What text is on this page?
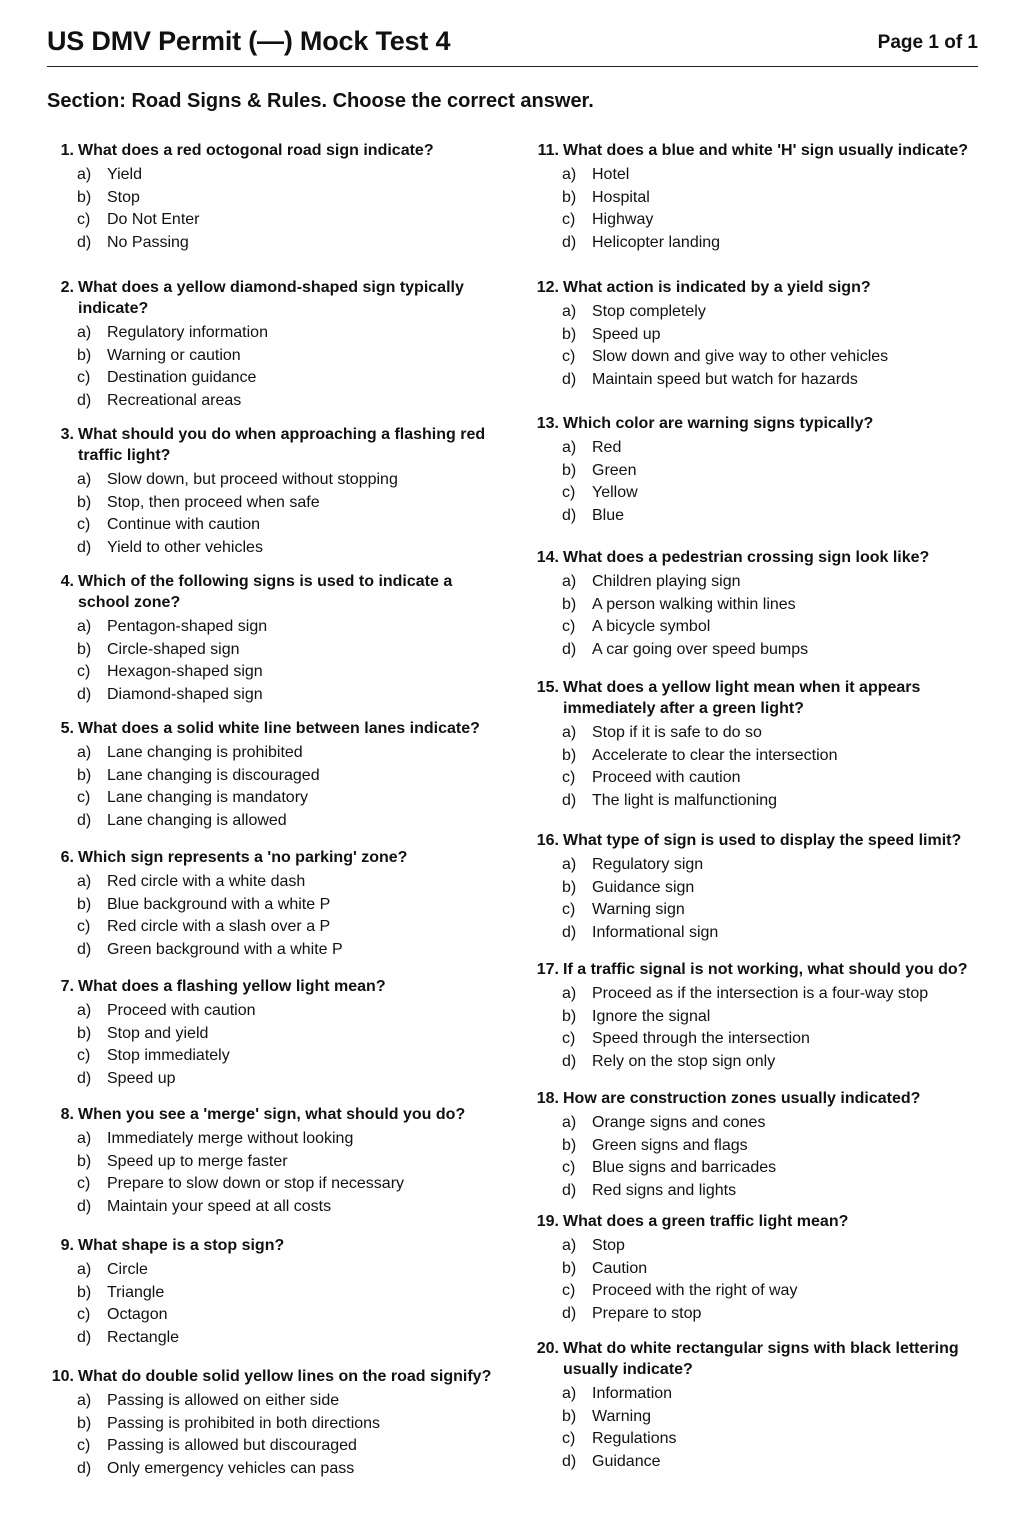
US DMV Permit (—) Mock Test 4	Page 1 of 1
Section: Road Signs & Rules. Choose the correct answer.
1. What does a red octogonal road sign indicate?
a) Yield
b) Stop
c) Do Not Enter
d) No Passing
2. What does a yellow diamond-shaped sign typically indicate?
a) Regulatory information
b) Warning or caution
c) Destination guidance
d) Recreational areas
3. What should you do when approaching a flashing red traffic light?
a) Slow down, but proceed without stopping
b) Stop, then proceed when safe
c) Continue with caution
d) Yield to other vehicles
4. Which of the following signs is used to indicate a school zone?
a) Pentagon-shaped sign
b) Circle-shaped sign
c) Hexagon-shaped sign
d) Diamond-shaped sign
5. What does a solid white line between lanes indicate?
a) Lane changing is prohibited
b) Lane changing is discouraged
c) Lane changing is mandatory
d) Lane changing is allowed
6. Which sign represents a 'no parking' zone?
a) Red circle with a white dash
b) Blue background with a white P
c) Red circle with a slash over a P
d) Green background with a white P
7. What does a flashing yellow light mean?
a) Proceed with caution
b) Stop and yield
c) Stop immediately
d) Speed up
8. When you see a 'merge' sign, what should you do?
a) Immediately merge without looking
b) Speed up to merge faster
c) Prepare to slow down or stop if necessary
d) Maintain your speed at all costs
9. What shape is a stop sign?
a) Circle
b) Triangle
c) Octagon
d) Rectangle
10. What do double solid yellow lines on the road signify?
a) Passing is allowed on either side
b) Passing is prohibited in both directions
c) Passing is allowed but discouraged
d) Only emergency vehicles can pass
11. What does a blue and white 'H' sign usually indicate?
a) Hotel
b) Hospital
c) Highway
d) Helicopter landing
12. What action is indicated by a yield sign?
a) Stop completely
b) Speed up
c) Slow down and give way to other vehicles
d) Maintain speed but watch for hazards
13. Which color are warning signs typically?
a) Red
b) Green
c) Yellow
d) Blue
14. What does a pedestrian crossing sign look like?
a) Children playing sign
b) A person walking within lines
c) A bicycle symbol
d) A car going over speed bumps
15. What does a yellow light mean when it appears immediately after a green light?
a) Stop if it is safe to do so
b) Accelerate to clear the intersection
c) Proceed with caution
d) The light is malfunctioning
16. What type of sign is used to display the speed limit?
a) Regulatory sign
b) Guidance sign
c) Warning sign
d) Informational sign
17. If a traffic signal is not working, what should you do?
a) Proceed as if the intersection is a four-way stop
b) Ignore the signal
c) Speed through the intersection
d) Rely on the stop sign only
18. How are construction zones usually indicated?
a) Orange signs and cones
b) Green signs and flags
c) Blue signs and barricades
d) Red signs and lights
19. What does a green traffic light mean?
a) Stop
b) Caution
c) Proceed with the right of way
d) Prepare to stop
20. What do white rectangular signs with black lettering usually indicate?
a) Information
b) Warning
c) Regulations
d) Guidance
